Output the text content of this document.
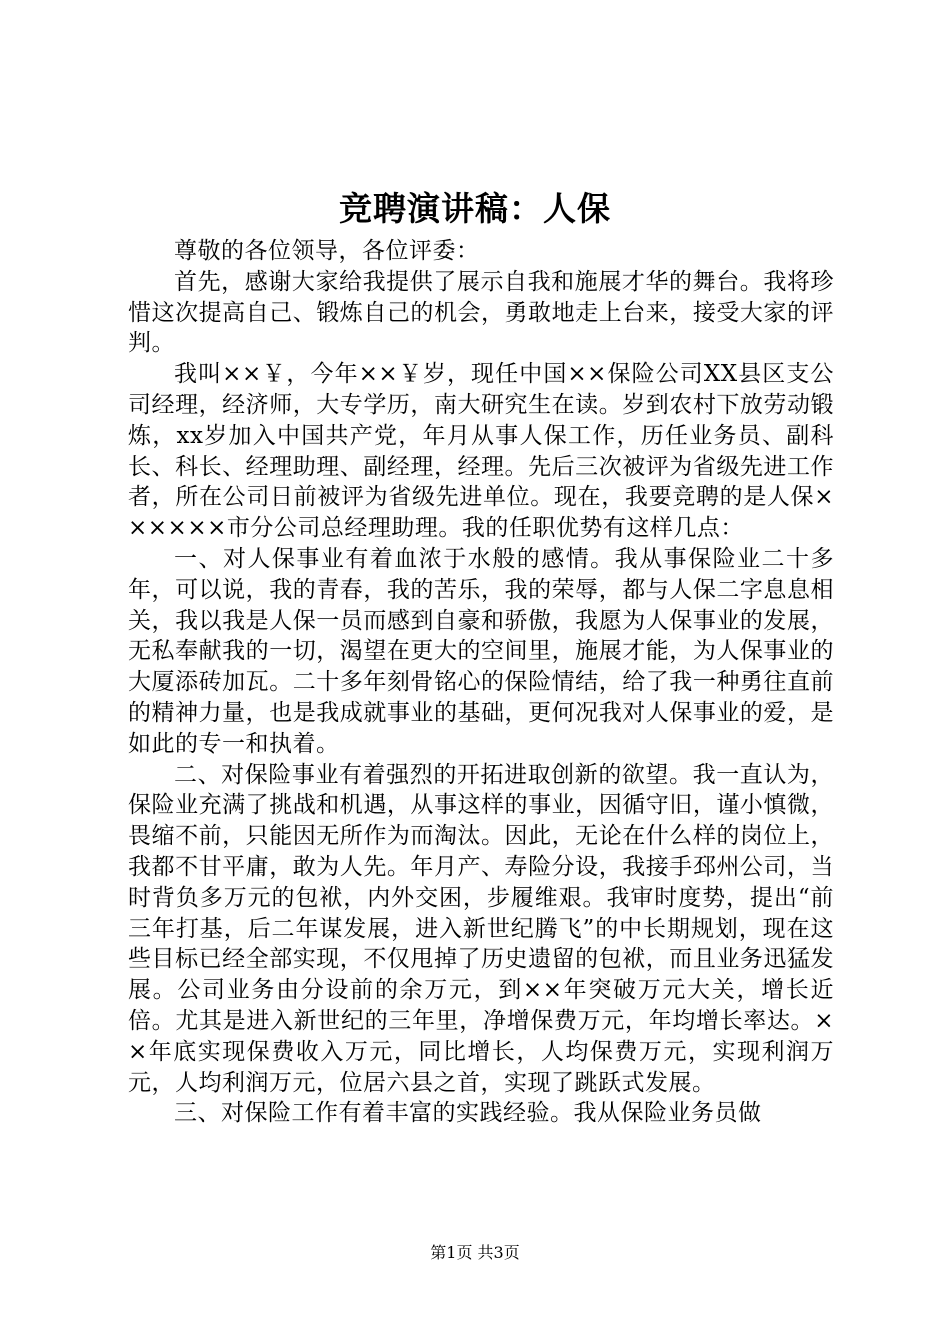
竞聘演讲稿：人保

尊敬的各位领导，各位评委：

首先，感谢大家给我提供了展示自我和施展才华的舞台。我将珍惜这次提高自己、锻炼自己的机会，勇敢地走上台来，接受大家的评判。

我叫××￥，今年××￥岁，现任中国××保险公司XX县区支公司经理，经济师，大专学历，南大研究生在读。岁到农村下放劳动锻炼，xx岁加入中国共产党，年月从事人保工作，历任业务员、副科长、科长、经理助理、副经理，经理。先后三次被评为省级先进工作者，所在公司日前被评为省级先进单位。现在，我要竞聘的是人保××××××市分公司总经理助理。我的任职优势有这样几点：

一、对人保事业有着血浓于水般的感情。我从事保险业二十多年，可以说，我的青春，我的苦乐，我的荣辱，都与人保二字息息相关，我以我是人保一员而感到自豪和骄傲，我愿为人保事业的发展，无私奉献我的一切，渴望在更大的空间里，施展才能，为人保事业的大厦添砖加瓦。二十多年刻骨铭心的保险情结，给了我一种勇往直前的精神力量，也是我成就事业的基础，更何况我对人保事业的爱，是如此的专一和执着。

二、对保险事业有着强烈的开拓进取创新的欲望。我一直认为，保险业充满了挑战和机遇，从事这样的事业，因循守旧，谨小慎微，畏缩不前，只能因无所作为而淘汰。因此，无论在什么样的岗位上，我都不甘平庸，敢为人先。年月产、寿险分设，我接手邳州公司，当时背负多万元的包袱，内外交困，步履维艰。我审时度势，提出“前三年打基，后二年谋发展，进入新世纪腾飞”的中长期规划，现在这些目标已经全部实现，不仅甩掉了历史遗留的包袱，而且业务迅猛发展。公司业务由分设前的余万元，到××年突破万元大关，增长近倍。尤其是进入新世纪的三年里，净增保费万元，年均增长率达。××年底实现保费收入万元，同比增长，人均保费万元，实现利润万元，人均利润万元，位居六县之首，实现了跳跃式发展。

三、对保险工作有着丰富的实践经验。我从保险业务员做

第1页 共3页
